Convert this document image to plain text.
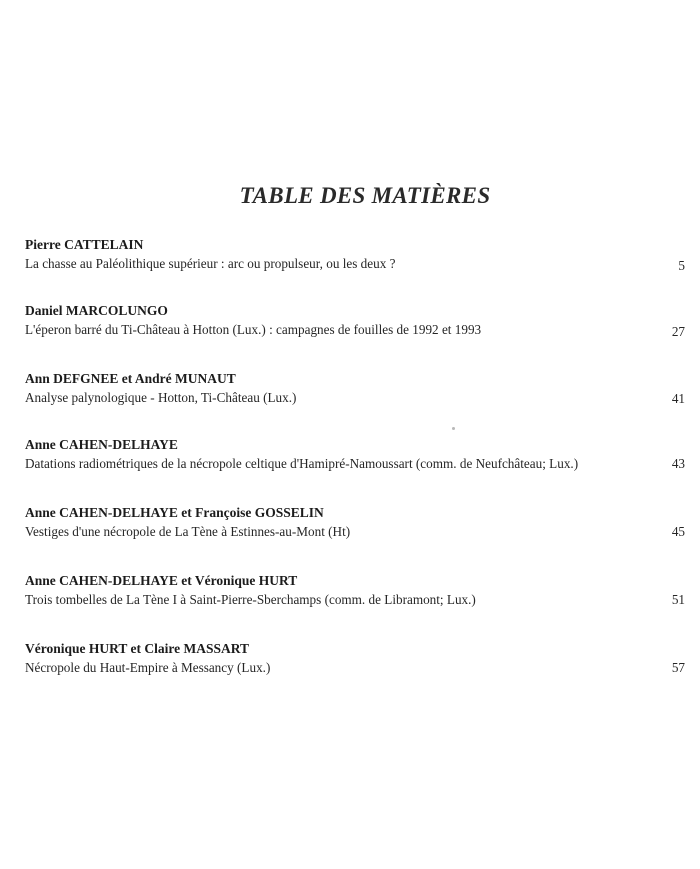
TABLE DES MATIÈRES
Pierre CATTELAIN
La chasse au Paléolithique supérieur : arc ou propulseur, ou les deux ?	5
Daniel MARCOLUNGO
L'éperon barré du Ti-Château à Hotton (Lux.) : campagnes de fouilles de 1992 et 1993	27
Ann DEFGNEE et André MUNAUT
Analyse palynologique - Hotton, Ti-Château (Lux.)	41
Anne CAHEN-DELHAYE
Datations radiométriques de la nécropole celtique d'Hamipré-Namoussart (comm. de Neufchâteau; Lux.)	43
Anne CAHEN-DELHAYE et Françoise GOSSELIN
Vestiges d'une nécropole de La Tène à Estinnes-au-Mont (Ht)	45
Anne CAHEN-DELHAYE et Véronique HURT
Trois tombelles de La Tène I à Saint-Pierre-Sberchamps (comm. de Libramont; Lux.)	51
Véronique HURT et Claire MASSART
Nécropole du Haut-Empire à Messancy (Lux.)	57
